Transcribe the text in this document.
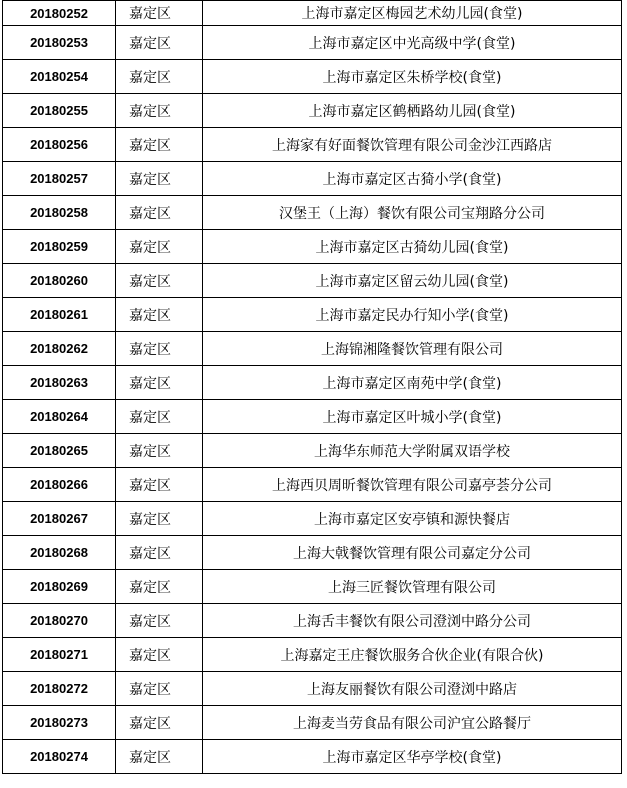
20180252	嘉定区	上海市嘉定区梅园艺术幼儿园(食堂)
20180253	嘉定区	上海市嘉定区中光高级中学(食堂)
20180254	嘉定区	上海市嘉定区朱桥学校(食堂)
20180255	嘉定区	上海市嘉定区鹤栖路幼儿园(食堂)
20180256	嘉定区	上海家有好面餐饮管理有限公司金沙江西路店
20180257	嘉定区	上海市嘉定区古猗小学(食堂)
20180258	嘉定区	汉堡王（上海）餐饮有限公司宝翔路分公司
20180259	嘉定区	上海市嘉定区古猗幼儿园(食堂)
20180260	嘉定区	上海市嘉定区留云幼儿园(食堂)
20180261	嘉定区	上海市嘉定民办行知小学(食堂)
20180262	嘉定区	上海锦湘隆餐饮管理有限公司
20180263	嘉定区	上海市嘉定区南苑中学(食堂)
20180264	嘉定区	上海市嘉定区叶城小学(食堂)
20180265	嘉定区	上海华东师范大学附属双语学校
20180266	嘉定区	上海西贝周昕餐饮管理有限公司嘉亭荟分公司
20180267	嘉定区	上海市嘉定区安亭镇和源快餐店
20180268	嘉定区	上海大戟餐饮管理有限公司嘉定分公司
20180269	嘉定区	上海三匠餐饮管理有限公司
20180270	嘉定区	上海舌丰餐饮有限公司澄浏中路分公司
20180271	嘉定区	上海嘉定王庄餐饮服务合伙企业(有限合伙)
20180272	嘉定区	上海友丽餐饮有限公司澄浏中路店
20180273	嘉定区	上海麦当劳食品有限公司沪宜公路餐厅
20180274	嘉定区	上海市嘉定区华亭学校(食堂)
